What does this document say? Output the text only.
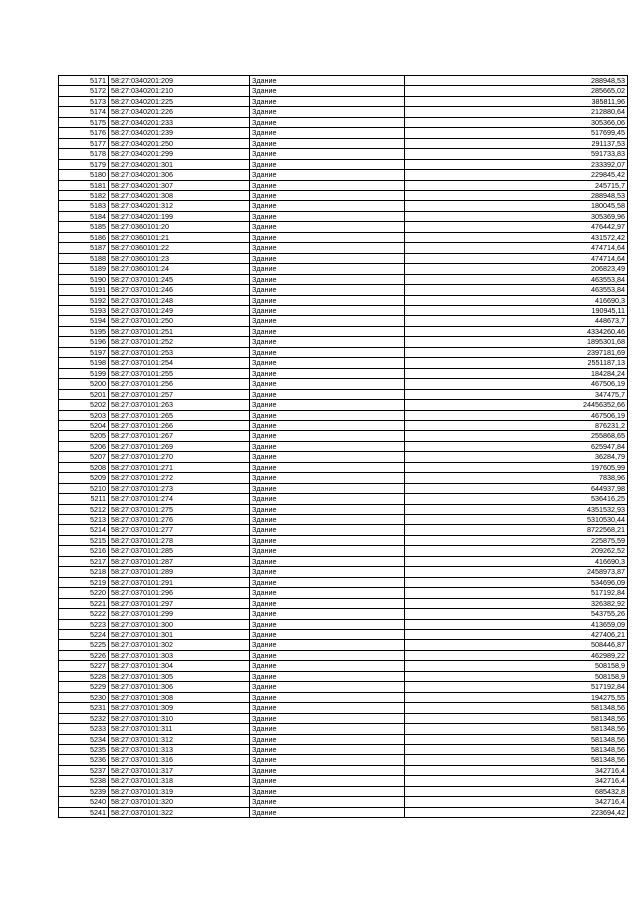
5171	58:27:0340201:209	Здание	288948,53
5172	58:27:0340201:210	Здание	285665,02
5173	58:27:0340201:225	Здание	385811,96
5174	58:27:0340201:226	Здание	212880,64
5175	58:27:0340201:233	Здание	305366,06
5176	58:27:0340201:239	Здание	517699,45
5177	58:27:0340201:250	Здание	291137,53
5178	58:27:0340201:299	Здание	591733,83
5179	58:27:0340201:301	Здание	233392,07
5180	58:27:0340201:306	Здание	229845,42
5181	58:27:0340201:307	Здание	245715,7
5182	58:27:0340201:308	Здание	288948,53
5183	58:27:0340201:312	Здание	180045,58
5184	58:27:0340201:199	Здание	305369,96
5185	58:27:0360101:20	Здание	476442,97
5186	58:27:0360101:21	Здание	431572,42
5187	58:27:0360101:22	Здание	474714,64
5188	58:27:0360101:23	Здание	474714,64
5189	58:27:0360101:24	Здание	206823,49
5190	58:27:0370101:245	Здание	463553,84
5191	58:27:0370101:246	Здание	463553,84
5192	58:27:0370101:248	Здание	416690,3
5193	58:27:0370101:249	Здание	190945,11
5194	58:27:0370101:250	Здание	448673,7
5195	58:27:0370101:251	Здание	4334260,46
5196	58:27:0370101:252	Здание	1895301,68
5197	58:27:0370101:253	Здание	2397181,69
5198	58:27:0370101:254	Здание	2551187,13
5199	58:27:0370101:255	Здание	184284,24
5200	58:27:0370101:256	Здание	467506,19
5201	58:27:0370101:257	Здание	347475,7
5202	58:27:0370101:263	Здание	24456352,66
5203	58:27:0370101:265	Здание	467506,19
5204	58:27:0370101:266	Здание	876231,2
5205	58:27:0370101:267	Здание	255868,65
5206	58:27:0370101:269	Здание	625947,84
5207	58:27:0370101:270	Здание	36284,79
5208	58:27:0370101:271	Здание	197605,99
5209	58:27:0370101:272	Здание	7838,96
5210	58:27:0370101:273	Здание	644937,98
5211	58:27:0370101:274	Здание	536416,25
5212	58:27:0370101:275	Здание	4351532,93
5213	58:27:0370101:276	Здание	5310530,44
5214	58:27:0370101:277	Здание	8722568,21
5215	58:27:0370101:278	Здание	225875,59
5216	58:27:0370101:285	Здание	209262,52
5217	58:27:0370101:287	Здание	416690,3
5218	58:27:0370101:289	Здание	2458973,87
5219	58:27:0370101:291	Здание	534696,09
5220	58:27:0370101:296	Здание	517192,84
5221	58:27:0370101:297	Здание	326382,92
5222	58:27:0370101:299	Здание	543755,26
5223	58:27:0370101:300	Здание	413659,09
5224	58:27:0370101:301	Здание	427406,21
5225	58:27:0370101:302	Здание	508446,87
5226	58:27:0370101:303	Здание	462989,22
5227	58:27:0370101:304	Здание	508158,9
5228	58:27:0370101:305	Здание	508158,9
5229	58:27:0370101:306	Здание	517192,84
5230	58:27:0370101:308	Здание	194275,55
5231	58:27:0370101:309	Здание	581348,56
5232	58:27:0370101:310	Здание	581348,56
5233	58:27:0370101:311	Здание	581348,56
5234	58:27:0370101:312	Здание	581348,56
5235	58:27:0370101:313	Здание	581348,56
5236	58:27:0370101:316	Здание	581348,56
5237	58:27:0370101:317	Здание	342716,4
5238	58:27:0370101:318	Здание	342716,4
5239	58:27:0370101:319	Здание	685432,8
5240	58:27:0370101:320	Здание	342716,4
5241	58:27:0370101:322	Здание	223694,42
